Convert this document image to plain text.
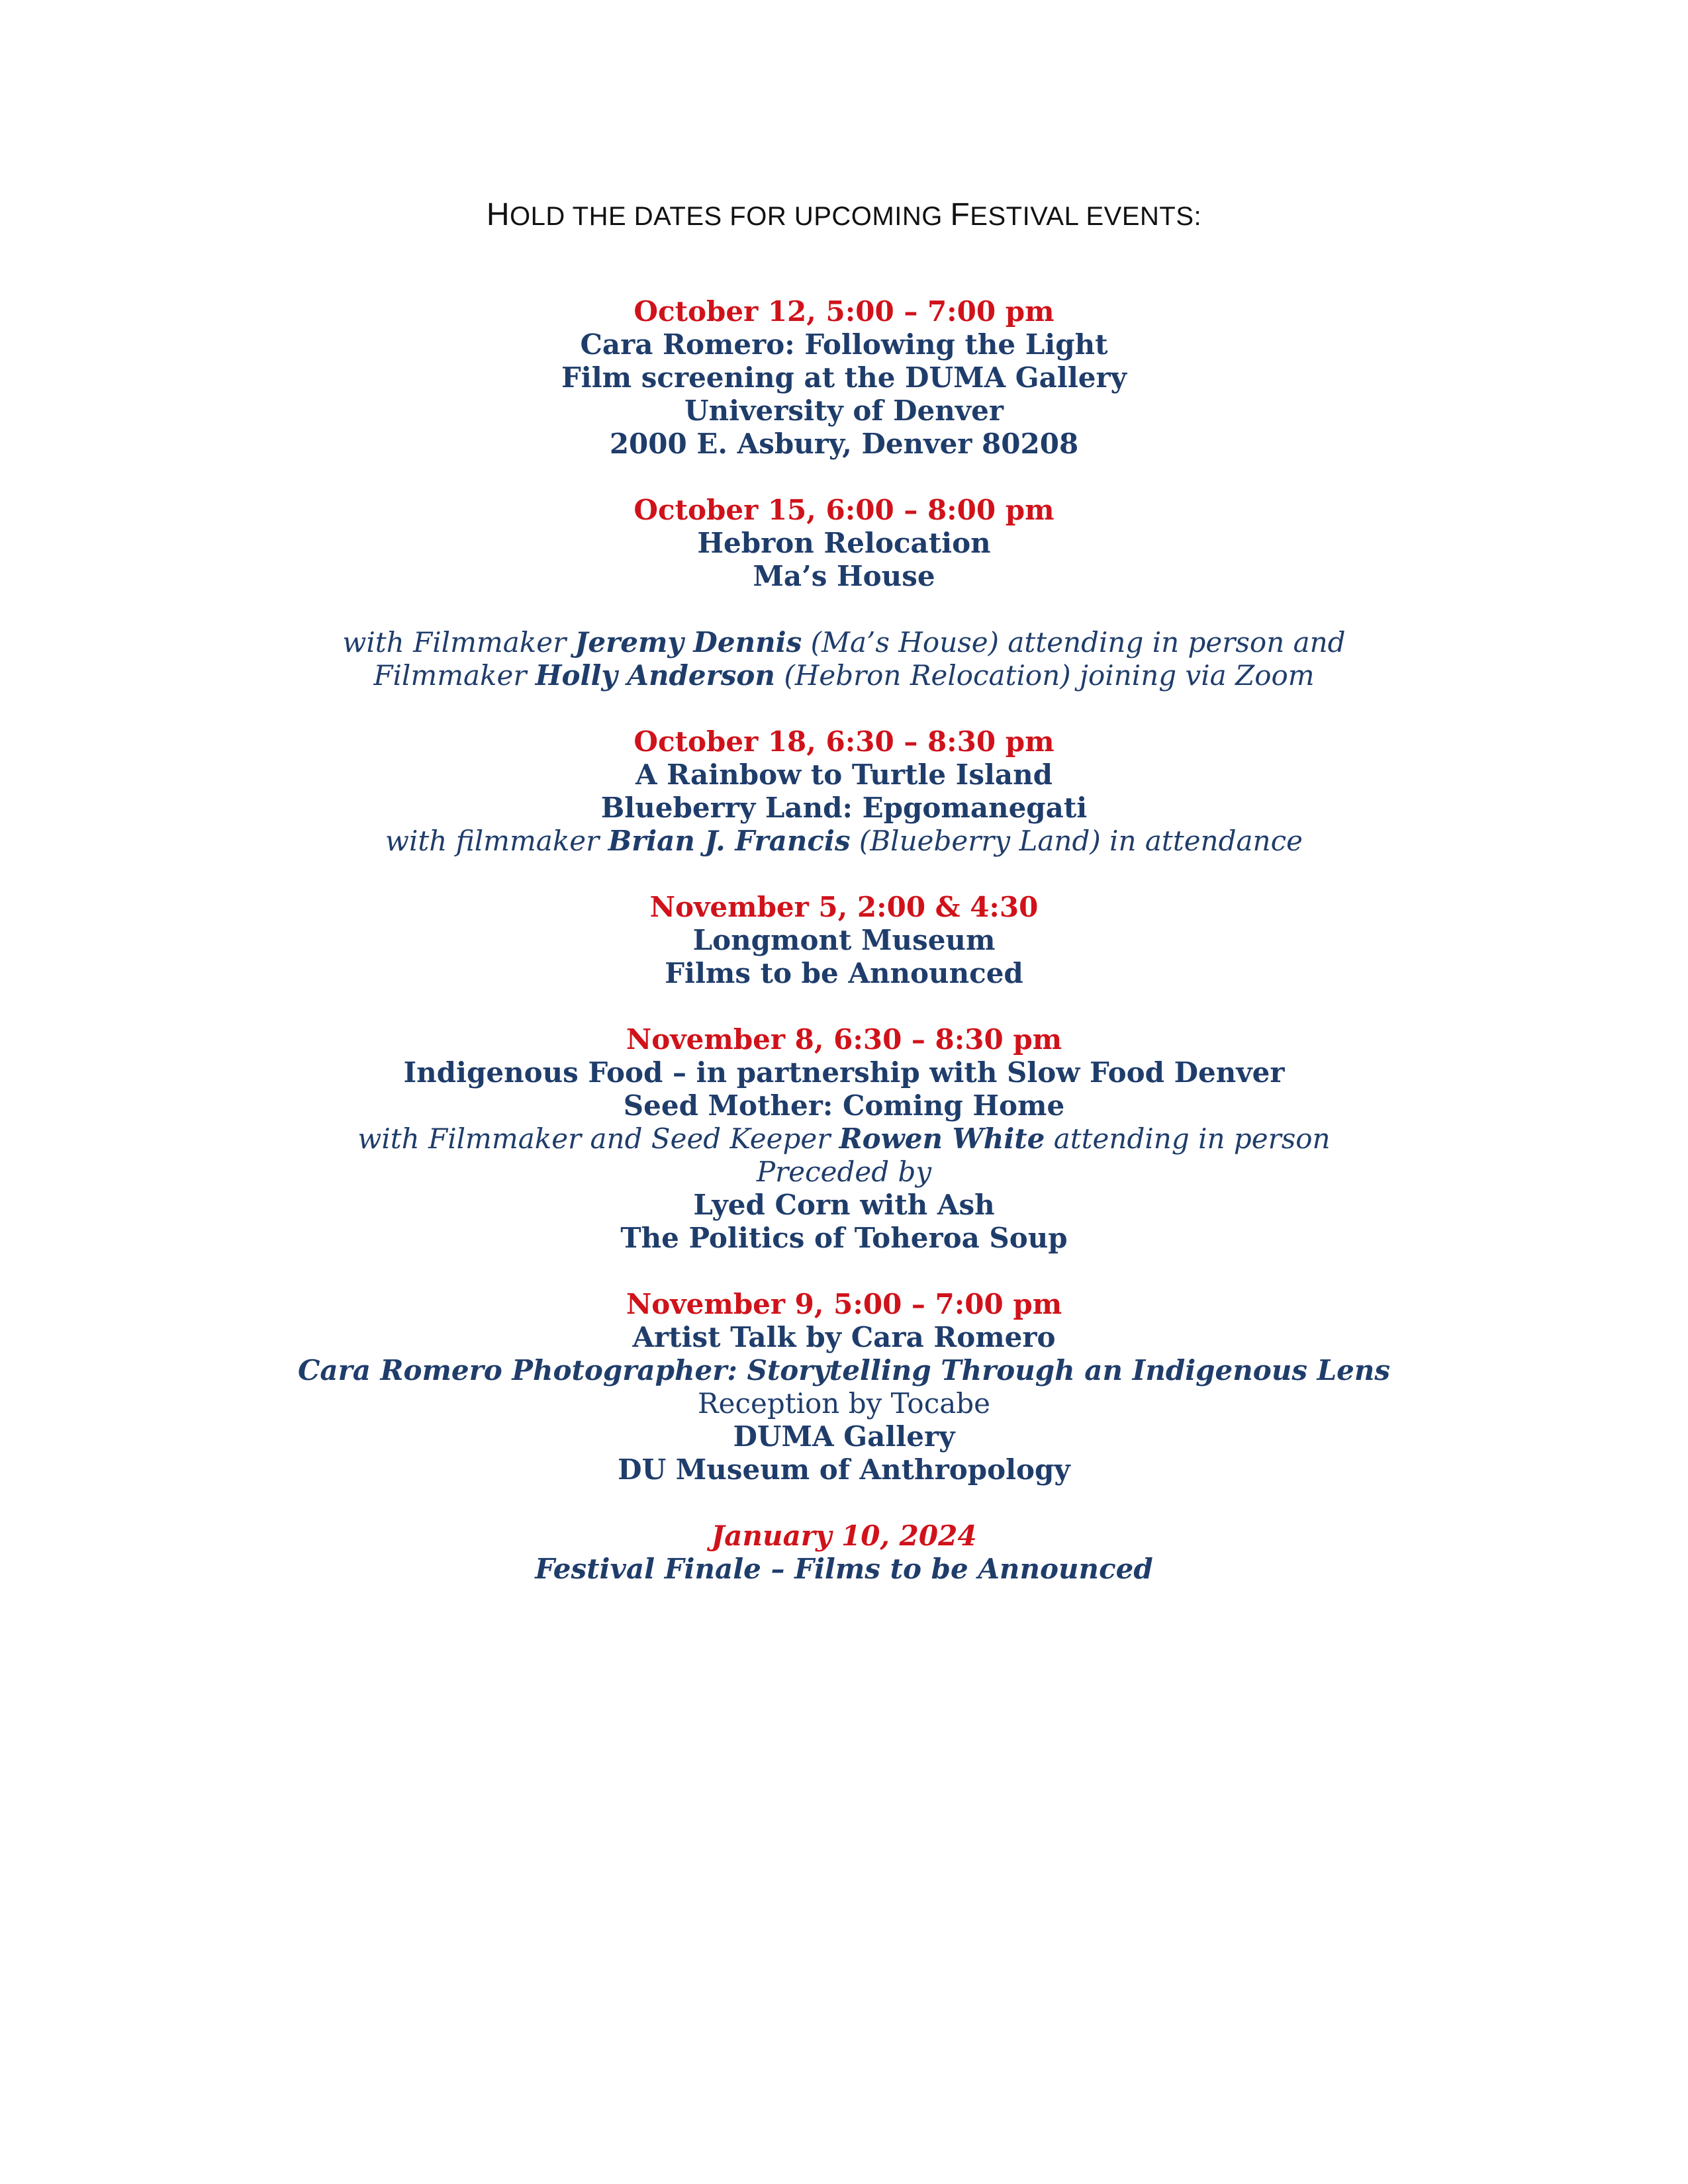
HOLD THE DATES FOR UPCOMING FESTIVAL EVENTS:
October 12, 5:00 – 7:00 pm
Cara Romero: Following the Light
Film screening at the DUMA Gallery
University of Denver
2000 E. Asbury, Denver 80208
October 15, 6:00 – 8:00 pm
Hebron Relocation
Ma’s House
with Filmmaker Jeremy Dennis (Ma’s House) attending in person and
Filmmaker Holly Anderson (Hebron Relocation) joining via Zoom
October 18, 6:30 – 8:30 pm
A Rainbow to Turtle Island
Blueberry Land: Epgomanegati
with filmmaker Brian J. Francis (Blueberry Land) in attendance
November 5, 2:00 & 4:30
Longmont Museum
Films to be Announced
November 8, 6:30 – 8:30 pm
Indigenous Food – in partnership with Slow Food Denver
Seed Mother: Coming Home
with Filmmaker and Seed Keeper Rowen White attending in person
Preceded by
Lyed Corn with Ash
The Politics of Toheroa Soup
November 9, 5:00 – 7:00 pm
Artist Talk by Cara Romero
Cara Romero Photographer: Storytelling Through an Indigenous Lens
Reception by Tocabe
DUMA Gallery
DU Museum of Anthropology
January 10, 2024
Festival Finale – Films to be Announced
